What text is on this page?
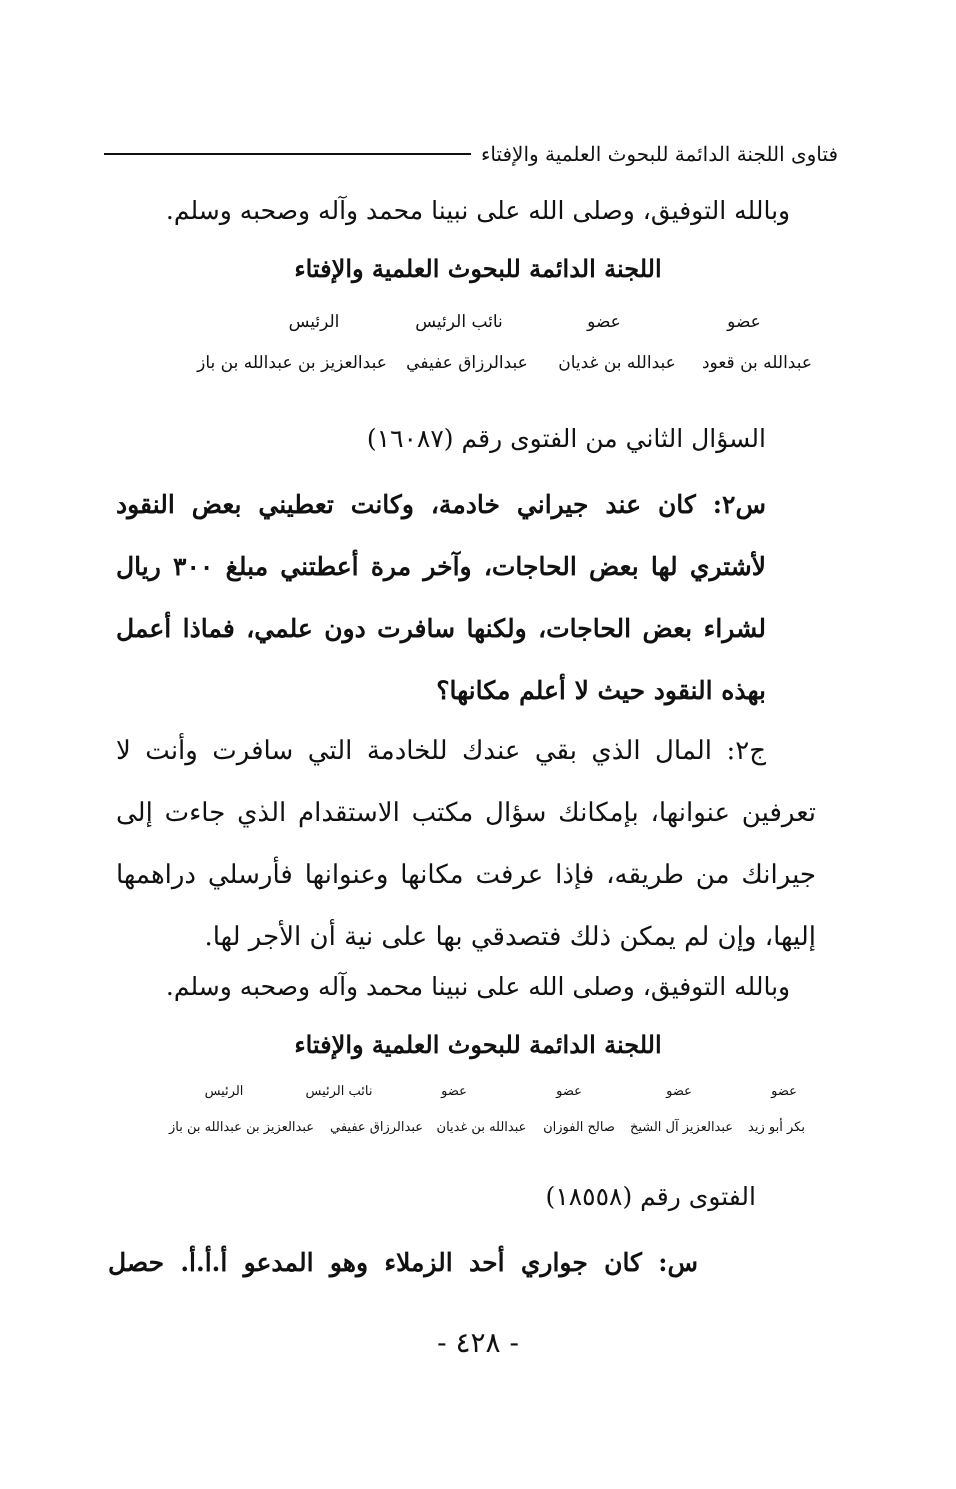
فتاوى اللجنة الدائمة للبحوث العلمية والإفتاء
وبالله التوفيق، وصلى الله على نبينا محمد وآله وصحبه وسلم.
اللجنة الدائمة للبحوث العلمية والإفتاء
عضو
عضو
نائب الرئيس
الرئيس
عبدالله بن قعود
عبدالله بن غديان
عبدالرزاق عفيفي
عبدالعزيز بن عبدالله بن باز
السؤال الثاني من الفتوى رقم (١٦٠٨٧)
س٢: كان عند جيراني خادمة، وكانت تعطيني بعض النقود
لأشتري لها بعض الحاجات، وآخر مرة أعطتني مبلغ ٣٠٠ ريال
لشراء بعض الحاجات، ولكنها سافرت دون علمي، فماذا أعمل
بهذه النقود حيث لا أعلم مكانها؟
ج٢: المال الذي بقي عندك للخادمة التي سافرت وأنت لا
تعرفين عنوانها، بإمكانك سؤال مكتب الاستقدام الذي جاءت إلى
جيرانك من طريقه، فإذا عرفت مكانها وعنوانها فأرسلي دراهمها
إليها، وإن لم يمكن ذلك فتصدقي بها على نية أن الأجر لها.
وبالله التوفيق، وصلى الله على نبينا محمد وآله وصحبه وسلم.
اللجنة الدائمة للبحوث العلمية والإفتاء
عضو
عضو
عضو
عضو
نائب الرئيس
الرئيس
بكر أبو زيد
عبدالعزيز آل الشيخ
صالح الفوزان
عبدالله بن غديان
عبدالرزاق عفيفي
عبدالعزيز بن عبدالله بن باز
الفتوى رقم (١٨٥٥٨)
س: كان جواري أحد الزملاء وهو المدعو أ.أ.أ. حصل
- ٤٢٨ -
